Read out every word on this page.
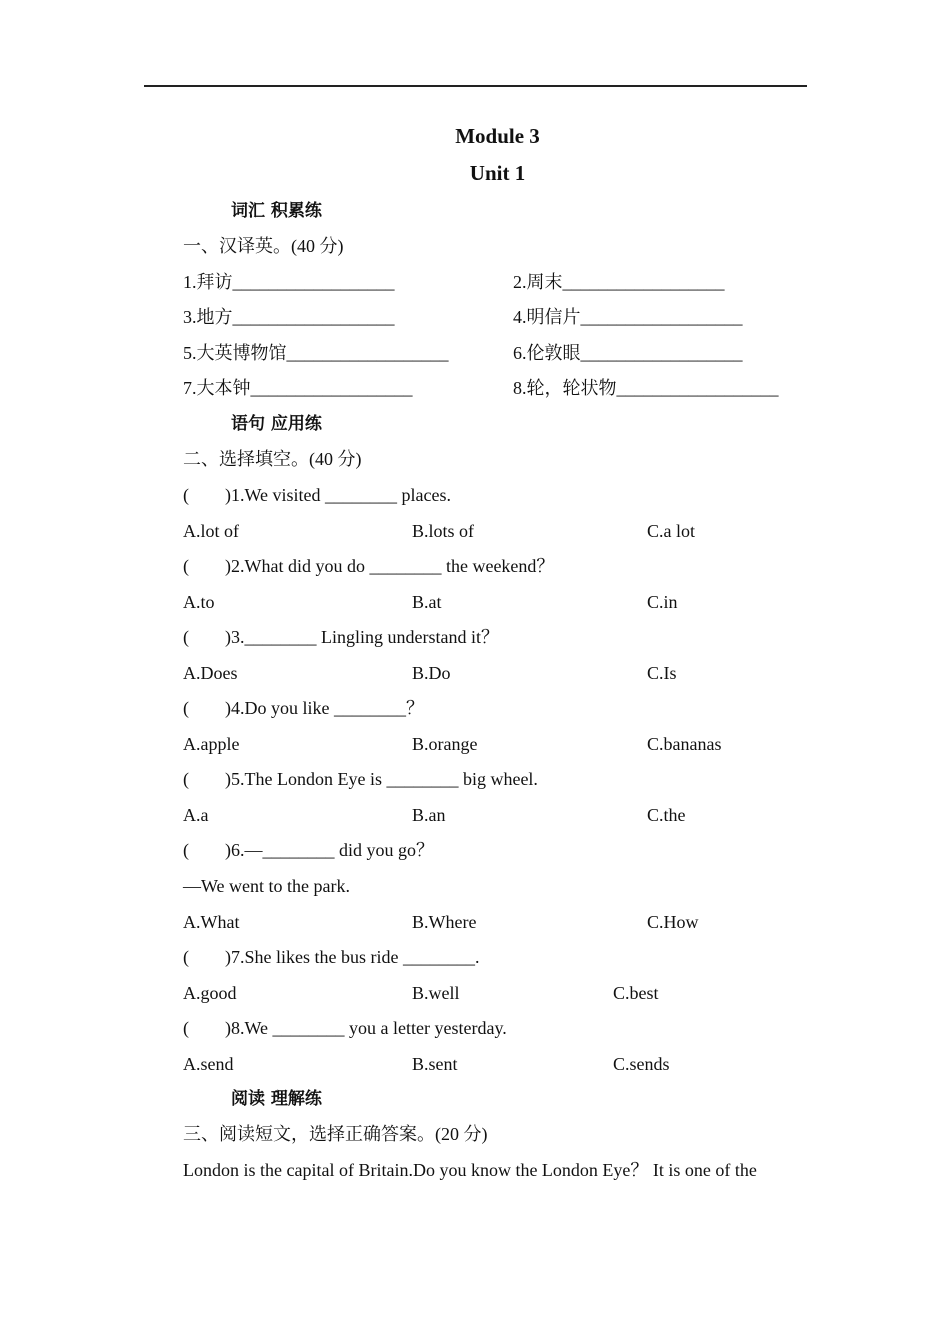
Module 3
Unit 1
词汇 积累练
一、汉译英。(40 分)
1.拜访__________________	2.周末__________________
3.地方__________________	4.明信片__________________
5.大英博物馆__________________	6.伦敦眼__________________
7.大本钟__________________	8.轮，轮状物__________________
语句 应用练
二、选择填空。(40 分)
(　　)1.We visited ________ places.
A.lot of	B.lots of	C.a lot
(　　)2.What did you do ________ the weekend？
A.to	B.at	C.in
(　　)3.________ Lingling understand it？
A.Does	B.Do	C.Is
(　　)4.Do you like ________？
A.apple	B.orange	C.bananas
(　　)5.The London Eye is ________ big wheel.
A.a	B.an	C.the
(　　)6.—________ did you go？
—We went to the park.
A.What	B.Where	C.How
(　　)7.She likes the bus ride ________.
A.good	B.well	C.best
(　　)8.We ________ you a letter yesterday.
A.send	B.sent	C.sends
阅读 理解练
三、阅读短文，选择正确答案。(20 分)
London is the capital of Britain.Do you know the London Eye？ It is one of the
